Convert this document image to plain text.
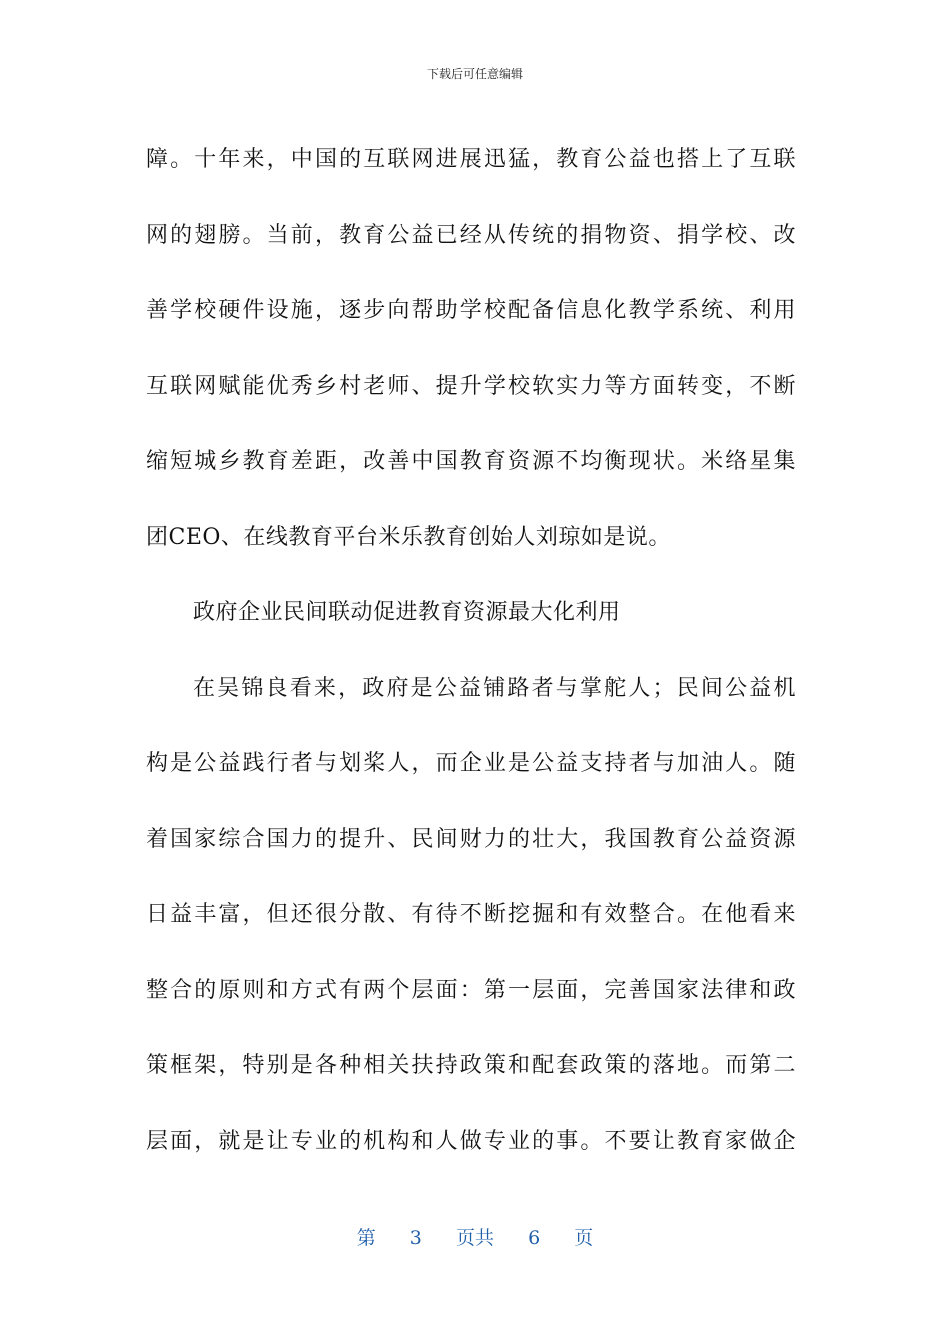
下载后可任意编辑
障。十年来，中国的互联网进展迅猛，教育公益也搭上了互联
网的翅膀。当前，教育公益已经从传统的捐物资、捐学校、改
善学校硬件设施，逐步向帮助学校配备信息化教学系统、利用
互联网赋能优秀乡村老师、提升学校软实力等方面转变，不断
缩短城乡教育差距，改善中国教育资源不均衡现状。米络星集
团CEO、在线教育平台米乐教育创始人刘琼如是说。
政府企业民间联动促进教育资源最大化利用
在吴锦良看来，政府是公益铺路者与掌舵人；民间公益机
构是公益践行者与划桨人，而企业是公益支持者与加油人。随
着国家综合国力的提升、民间财力的壮大，我国教育公益资源
日益丰富，但还很分散、有待不断挖掘和有效整合。在他看来
整合的原则和方式有两个层面：第一层面，完善国家法律和政
策框架，特别是各种相关扶持政策和配套政策的落地。而第二
层面，就是让专业的机构和人做专业的事。不要让教育家做企
第 3 页共 6 页
